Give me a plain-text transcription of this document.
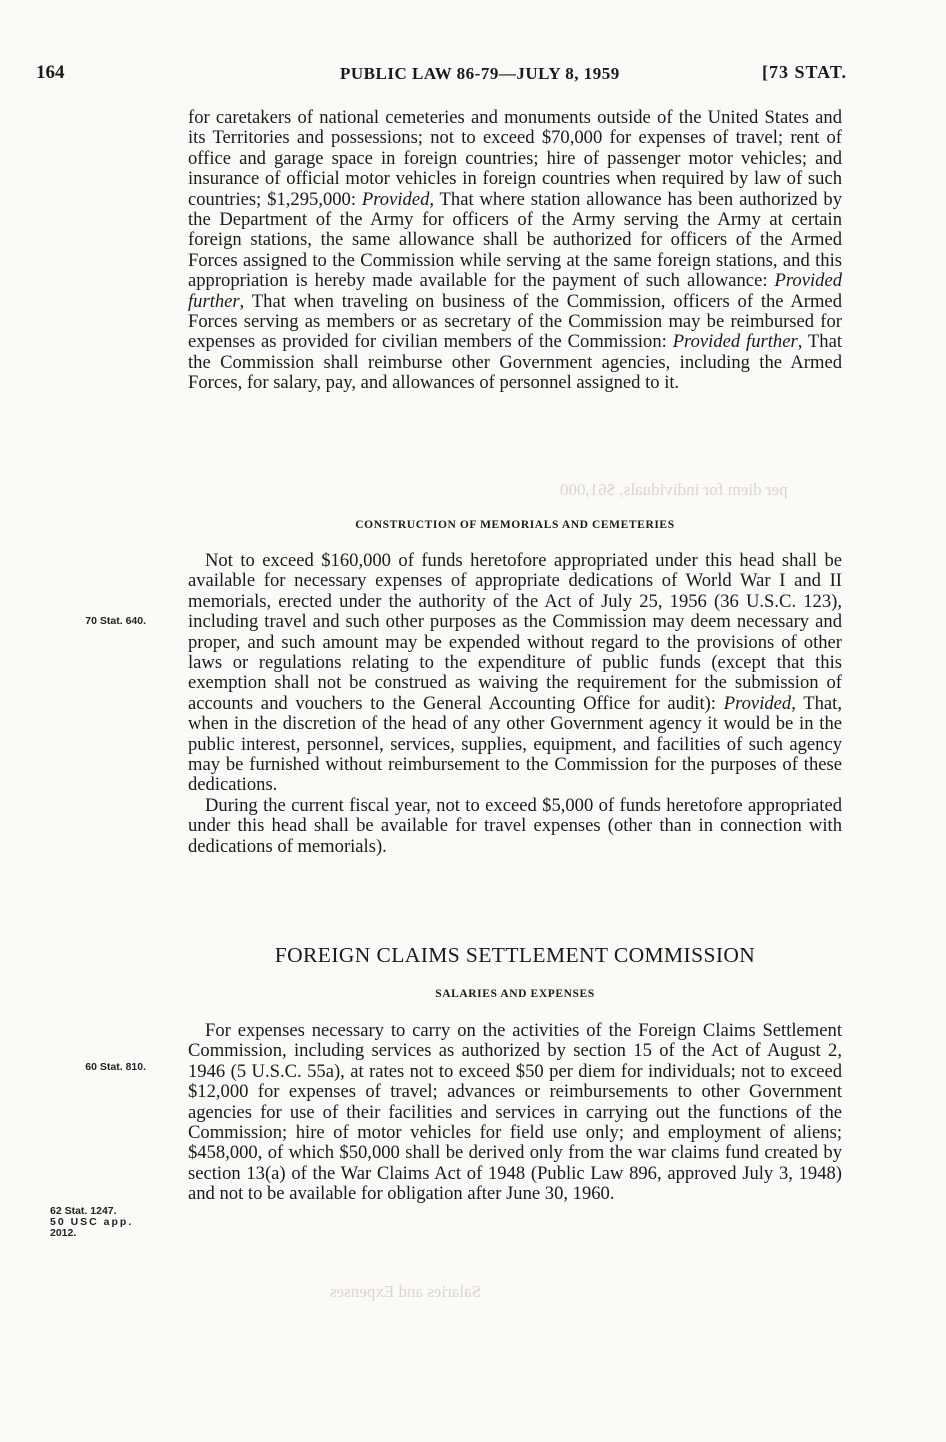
per diem for individuals, $61,000
Salaries and Expenses
164	PUBLIC LAW 86-79—JULY 8, 1959	[73 STAT.

for caretakers of national cemeteries and monuments outside of the United States and its Territories and possessions; not to exceed $70,000 for expenses of travel; rent of office and garage space in foreign countries; hire of passenger motor vehicles; and insurance of official motor vehicles in foreign countries when required by law of such countries; $1,295,000: Provided, That where station allowance has been authorized by the Department of the Army for officers of the Army serving the Army at certain foreign stations, the same allowance shall be authorized for officers of the Armed Forces assigned to the Commission while serving at the same foreign stations, and this appropriation is hereby made available for the payment of such allowance: Provided further, That when traveling on business of the Commission, officers of the Armed Forces serving as members or as secretary of the Commission may be reimbursed for expenses as provided for civilian members of the Commission: Provided further, That the Commission shall reimburse other Government agencies, including the Armed Forces, for salary, pay, and allowances of personnel assigned to it.

CONSTRUCTION OF MEMORIALS AND CEMETERIES

Not to exceed $160,000 of funds heretofore appropriated under this head shall be available for necessary expenses of appropriate dedications of World War I and II memorials, erected under the authority of the Act of July 25, 1956 (36 U.S.C. 123), including travel and such other purposes as the Commission may deem necessary and proper, and such amount may be expended without regard to the provisions of other laws or regulations relating to the expenditure of public funds (except that this exemption shall not be construed as waiving the requirement for the submission of accounts and vouchers to the General Accounting Office for audit): Provided, That, when in the discretion of the head of any other Government agency it would be in the public interest, personnel, services, supplies, equipment, and facilities of such agency may be furnished without reimbursement to the Commission for the purposes of these dedications.

During the current fiscal year, not to exceed $5,000 of funds heretofore appropriated under this head shall be available for travel expenses (other than in connection with dedications of memorials).

FOREIGN CLAIMS SETTLEMENT COMMISSION
SALARIES AND EXPENSES

For expenses necessary to carry on the activities of the Foreign Claims Settlement Commission, including services as authorized by section 15 of the Act of August 2, 1946 (5 U.S.C. 55a), at rates not to exceed $50 per diem for individuals; not to exceed $12,000 for expenses of travel; advances or reimbursements to other Government agencies for use of their facilities and services in carrying out the functions of the Commission; hire of motor vehicles for field use only; and employment of aliens; $458,000, of which $50,000 shall be derived only from the war claims fund created by section 13(a) of the War Claims Act of 1948 (Public Law 896, approved July 3, 1948) and not to be available for obligation after June 30, 1960.

70 Stat. 640.
60 Stat. 810.
62 Stat. 1247.
50 USC app.
2012.
